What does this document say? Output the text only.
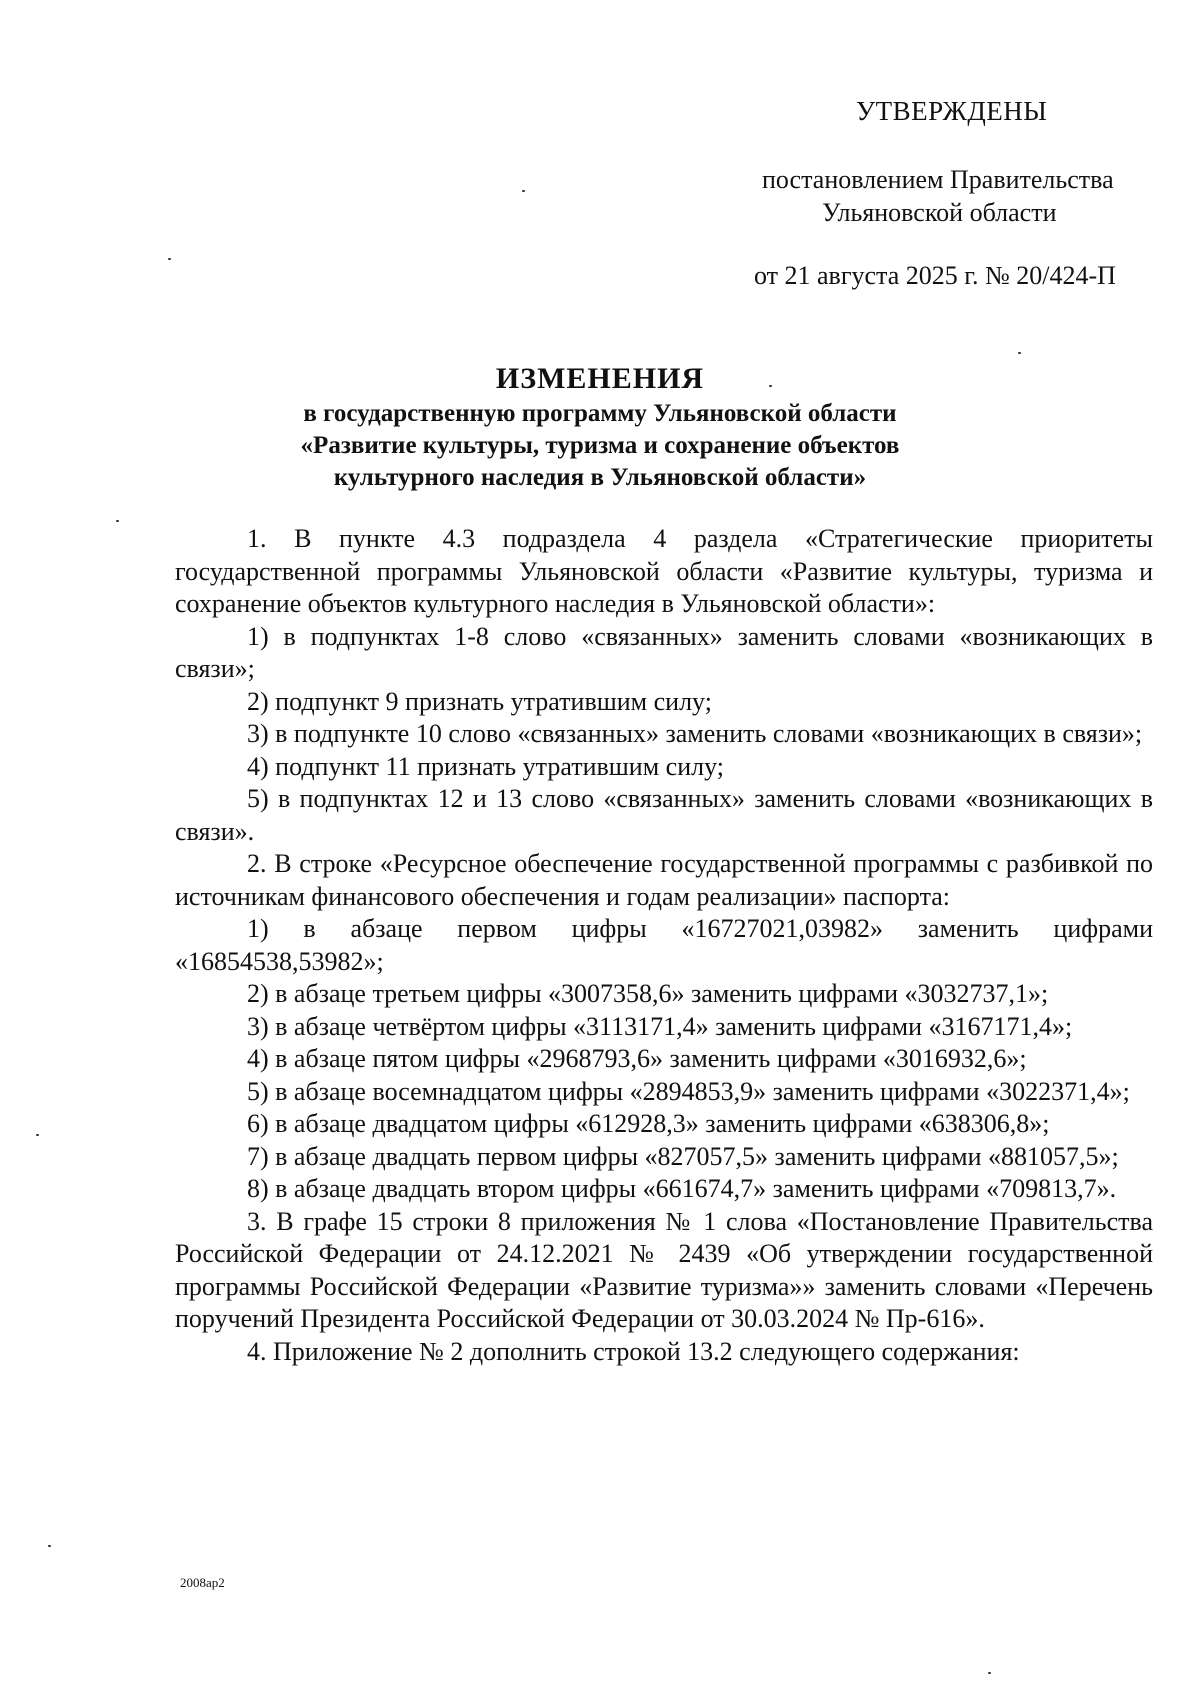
УТВЕРЖДЕНЫ
постановлением Правительства
Ульяновской области
от 21 августа 2025 г. № 20/424-П
ИЗМЕНЕНИЯ
в государственную программу Ульяновской области
«Развитие культуры, туризма и сохранение объектов
культурного наследия в Ульяновской области»

1. В пункте 4.3 подраздела 4 раздела «Стратегические приоритеты государственной программы Ульяновской области «Развитие культуры, туризма и сохранение объектов культурного наследия в Ульяновской области»:

1) в подпунктах 1-8 слово «связанных» заменить словами «возникающих в связи»;

2) подпункт 9 признать утратившим силу;

3) в подпункте 10 слово «связанных» заменить словами «возникающих в связи»;

4) подпункт 11 признать утратившим силу;

5) в подпунктах 12 и 13 слово «связанных» заменить словами «возникающих в связи».

2. В строке «Ресурсное обеспечение государственной программы с разбивкой по источникам финансового обеспечения и годам реализации» паспорта:

1) в абзаце первом цифры «16727021,03982» заменить цифрами «16854538,53982»;

2) в абзаце третьем цифры «3007358,6» заменить цифрами «3032737,1»;

3) в абзаце четвёртом цифры «3113171,4» заменить цифрами «3167171,4»;

4) в абзаце пятом цифры «2968793,6» заменить цифрами «3016932,6»;

5) в абзаце восемнадцатом цифры «2894853,9» заменить цифрами «3022371,4»;

6) в абзаце двадцатом цифры «612928,3» заменить цифрами «638306,8»;

7) в абзаце двадцать первом цифры «827057,5» заменить цифрами «881057,5»;

8) в абзаце двадцать втором цифры «661674,7» заменить цифрами «709813,7».

3. В графе 15 строки 8 приложения № 1 слова «Постановление Правительства Российской Федерации от 24.12.2021 № 2439 «Об утверждении государственной программы Российской Федерации «Развитие туризма»» заменить словами «Перечень поручений Президента Российской Федерации от 30.03.2024 № Пр-616».

4. Приложение № 2 дополнить строкой 13.2 следующего содержания:

2008ap2
